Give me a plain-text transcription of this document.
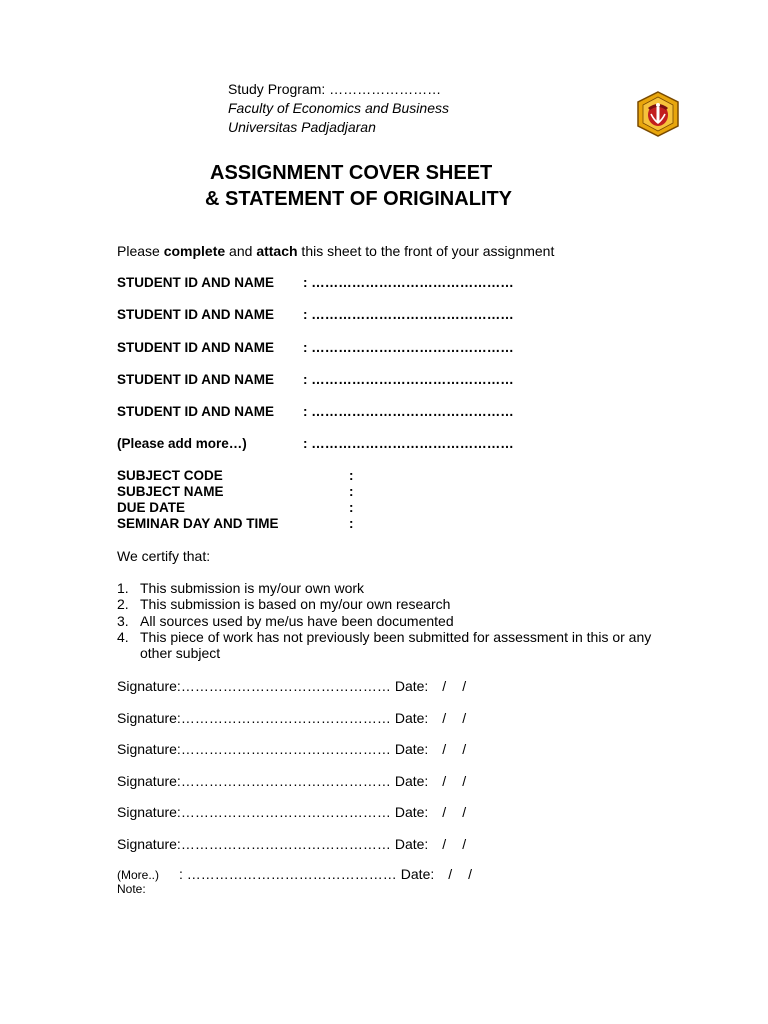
Study Program: ……………………
Faculty of Economics and Business
Universitas Padjadjaran
ASSIGNMENT COVER SHEET
& STATEMENT OF ORIGINALITY
Please complete and attach this sheet to the front of your assignment
STUDENT ID AND NAME : ………………………………………
STUDENT ID AND NAME : ………………………………………
STUDENT ID AND NAME : ………………………………………
STUDENT ID AND NAME : ………………………………………
STUDENT ID AND NAME : ………………………………………
(Please add more…)	: ………………………………………
SUBJECT CODE	:
SUBJECT NAME	:
DUE DATE	:
SEMINAR DAY AND TIME	:
We certify that:
1. This submission is my/our own work
2. This submission is based on my/our own research
3. All sources used by me/us have been documented
4. This piece of work has not previously been submitted for assessment in this or any other subject
Signature:……………………………………… Date: / /
Signature:……………………………………… Date: / /
Signature:……………………………………… Date: / /
Signature:……………………………………… Date: / /
Signature:……………………………………… Date: / /
Signature:……………………………………… Date: / /
(More..) : ……………………………………… Date: / /
Note:
